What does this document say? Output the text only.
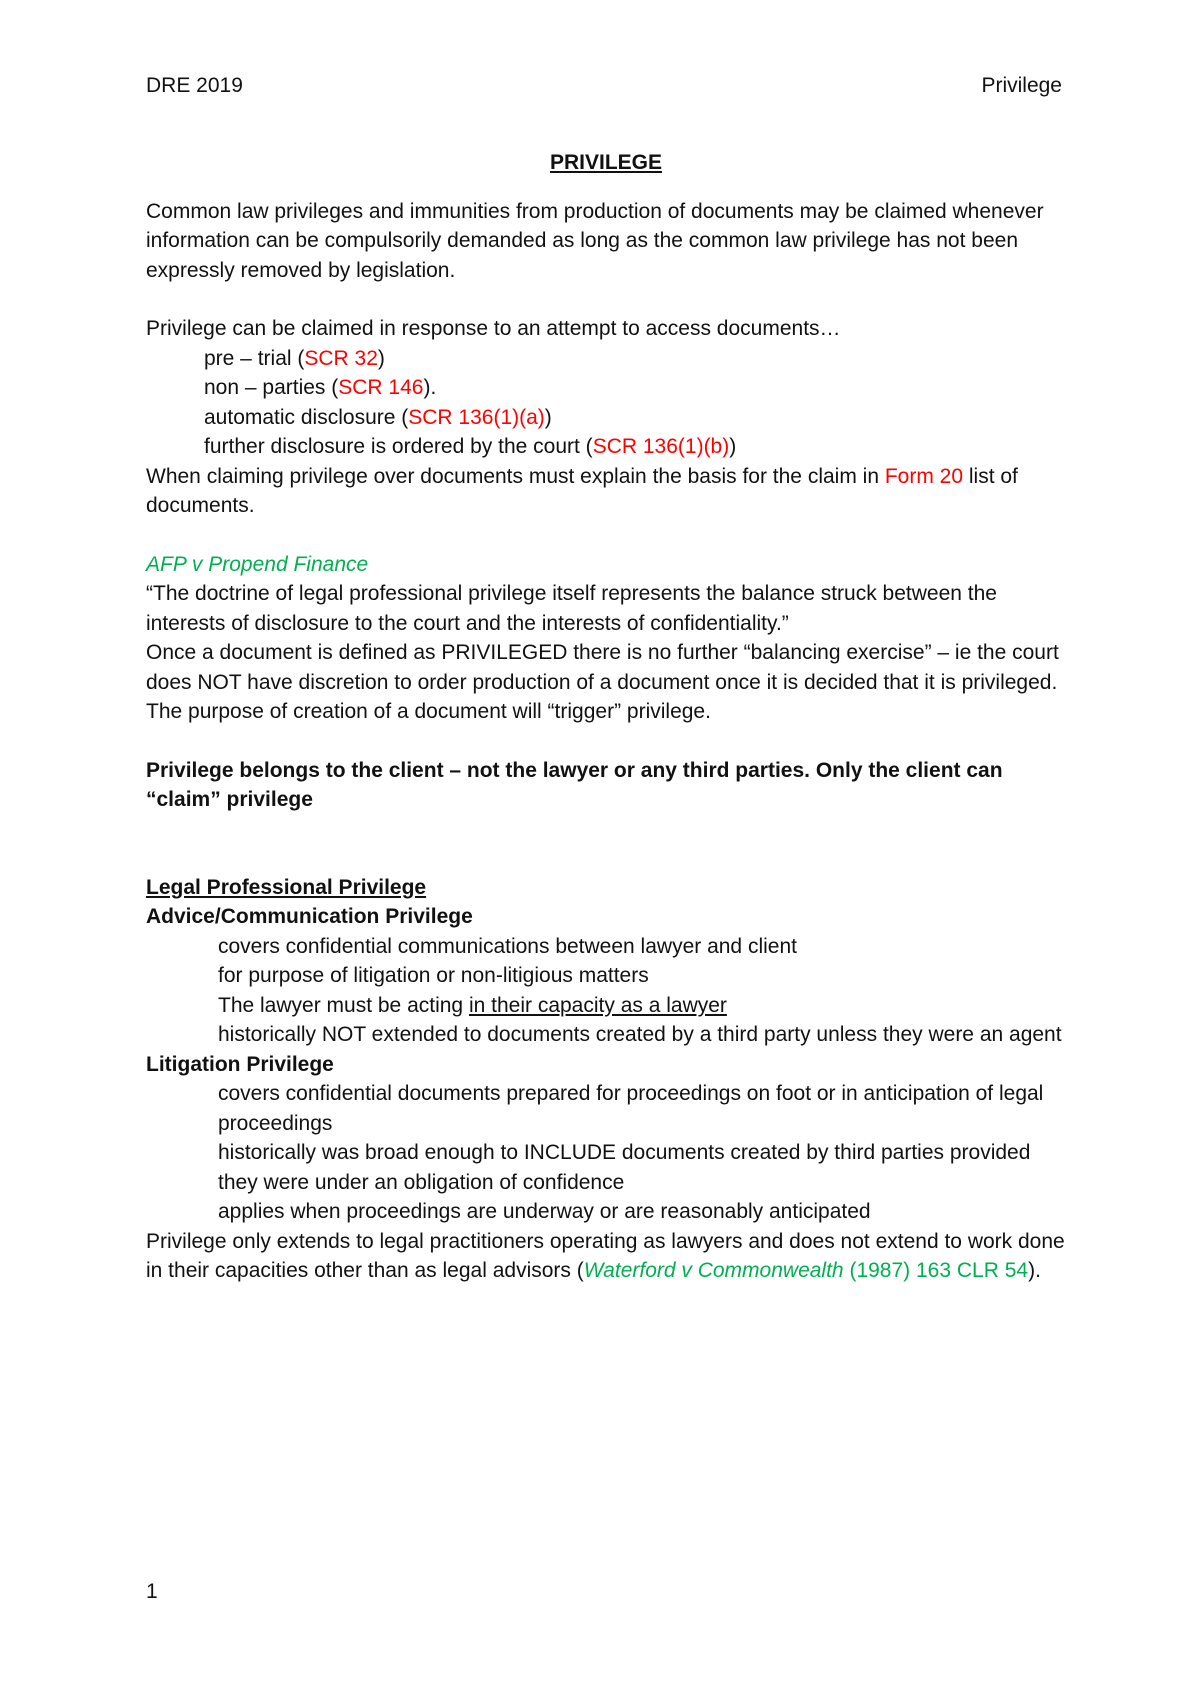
DRE 2019	Privilege

PRIVILEGE

Common law privileges and immunities from production of documents may be claimed whenever information can be compulsorily demanded as long as the common law privilege has not been expressly removed by legislation.

Privilege can be claimed in response to an attempt to access documents…

pre – trial (SCR 32)
non – parties (SCR 146).
automatic disclosure (SCR 136(1)(a))
further disclosure is ordered by the court (SCR 136(1)(b))

When claiming privilege over documents must explain the basis for the claim in Form 20 list of documents.

AFP v Propend Finance

“The doctrine of legal professional privilege itself represents the balance struck between the interests of disclosure to the court and the interests of confidentiality.”

Once a document is defined as PRIVILEGED there is no further “balancing exercise” – ie the court does NOT have discretion to order production of a document once it is decided that it is privileged.

The purpose of creation of a document will “trigger” privilege.

Privilege belongs to the client – not the lawyer or any third parties. Only the client can “claim” privilege

Legal Professional Privilege

Advice/Communication Privilege

covers confidential communications between lawyer and client
for purpose of litigation or non-litigious matters
The lawyer must be acting in their capacity as a lawyer
historically NOT extended to documents created by a third party unless they were an agent

Litigation Privilege

covers confidential documents prepared for proceedings on foot or in anticipation of legal proceedings
historically was broad enough to INCLUDE documents created by third parties provided they were under an obligation of confidence
applies when proceedings are underway or are reasonably anticipated

Privilege only extends to legal practitioners operating as lawyers and does not extend to work done in their capacities other than as legal advisors (Waterford v Commonwealth (1987) 163 CLR 54).

1
